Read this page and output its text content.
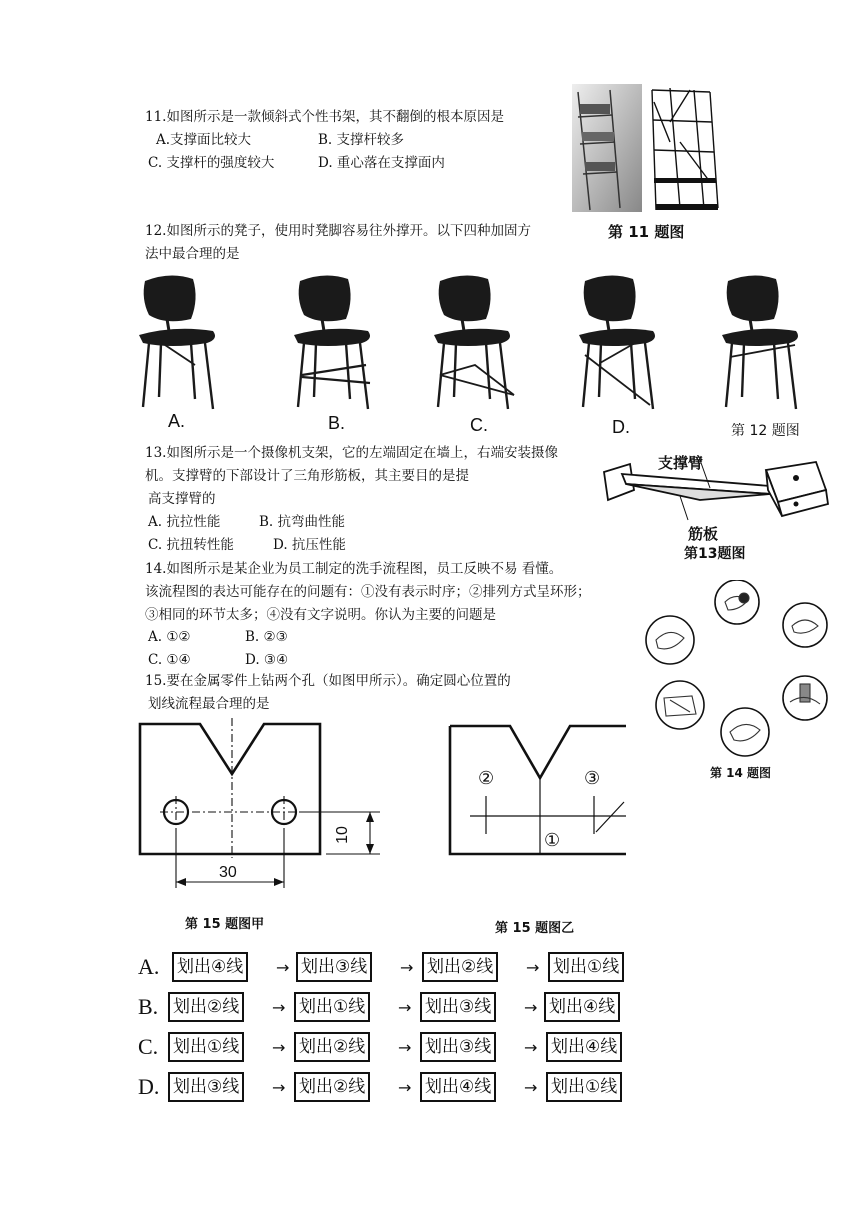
11.如图所示是一款倾斜式个性书架，其不翻倒的根本原因是
A.支撑面比较大	B. 支撑杆较多
C. 支撑杆的强度较大	D. 重心落在支撑面内
第 11 题图
12.如图所示的凳子，使用时凳脚容易往外撑开。以下四种加固方
法中最合理的是
A.	B.	C.	D.	第 12 题图
13.如图所示是一个摄像机支架，它的左端固定在墙上，右端安装摄像
机。支撑臂的下部设计了三角形筋板，其主要目的是提
高支撑臂的
A. 抗拉性能	B. 抗弯曲性能
C. 抗扭转性能	D. 抗压性能
支撑臂
筋板
第13题图
14.如图所示是某企业为员工制定的洗手流程图，员工反映不易 看懂。
该流程图的表达可能存在的问题有：①没有表示时序；②排列方式呈环形；
③相同的环节太多；④没有文字说明。你认为主要的问题是
A. ①②	B. ②③
C. ①④	D. ③④
第 14 题图
15.要在金属零件上钻两个孔（如图甲所示）。确定圆心位置的
划线流程最合理的是
30
10
第 15 题图甲
②	③
①
第 15 题图乙
A. 划出④线	→ 划出③线	→ 划出②线	→ 划出①线
B. 划出②线	→ 划出①线	→ 划出③线	→ 划出④线
C. 划出①线	→ 划出②线	→ 划出③线	→ 划出④线
D. 划出③线	→ 划出②线	→ 划出④线	→ 划出①线
